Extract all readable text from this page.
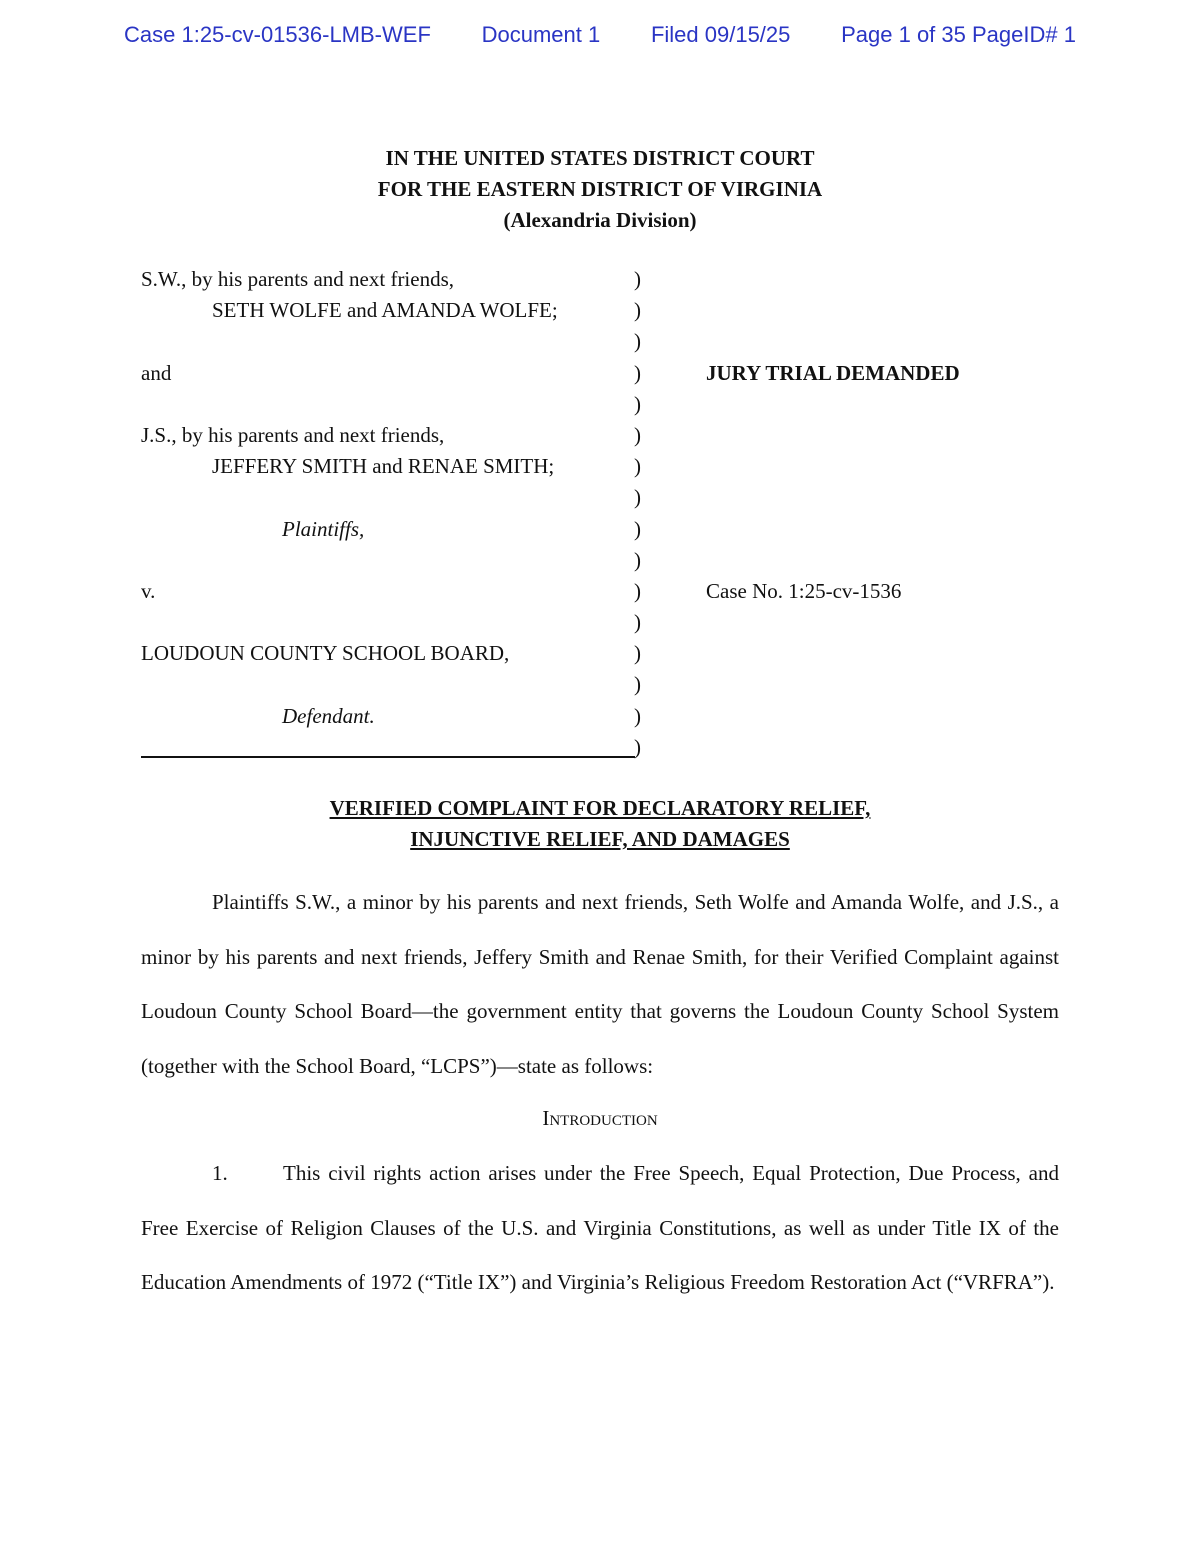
Case 1:25-cv-01536-LMB-WEF Document 1 Filed 09/15/25 Page 1 of 35 PageID# 1
IN THE UNITED STATES DISTRICT COURT
FOR THE EASTERN DISTRICT OF VIRGINIA
(Alexandria Division)
S.W., by his parents and next friends,
SETH WOLFE and AMANDA WOLFE;
and
J.S., by his parents and next friends,
JEFFERY SMITH and RENAE SMITH;
Plaintiffs,
v.
LOUDOUN COUNTY SCHOOL BOARD,
Defendant.
)
)
)
)
)
)
)
)
)
)
)
)
)
)
)
)
JURY TRIAL DEMANDED
Case No. 1:25-cv-1536
VERIFIED COMPLAINT FOR DECLARATORY RELIEF,
INJUNCTIVE RELIEF, AND DAMAGES
Plaintiffs S.W., a minor by his parents and next friends, Seth Wolfe and Amanda Wolfe, and J.S., a minor by his parents and next friends, Jeffery Smith and Renae Smith, for their Verified Complaint against Loudoun County School Board—the government entity that governs the Loudoun County School System (together with the School Board, “LCPS”)—state as follows:
Introduction
1.	This civil rights action arises under the Free Speech, Equal Protection, Due Process, and Free Exercise of Religion Clauses of the U.S. and Virginia Constitutions, as well as under Title IX of the Education Amendments of 1972 (“Title IX”) and Virginia’s Religious Freedom Restoration Act (“VRFRA”).
